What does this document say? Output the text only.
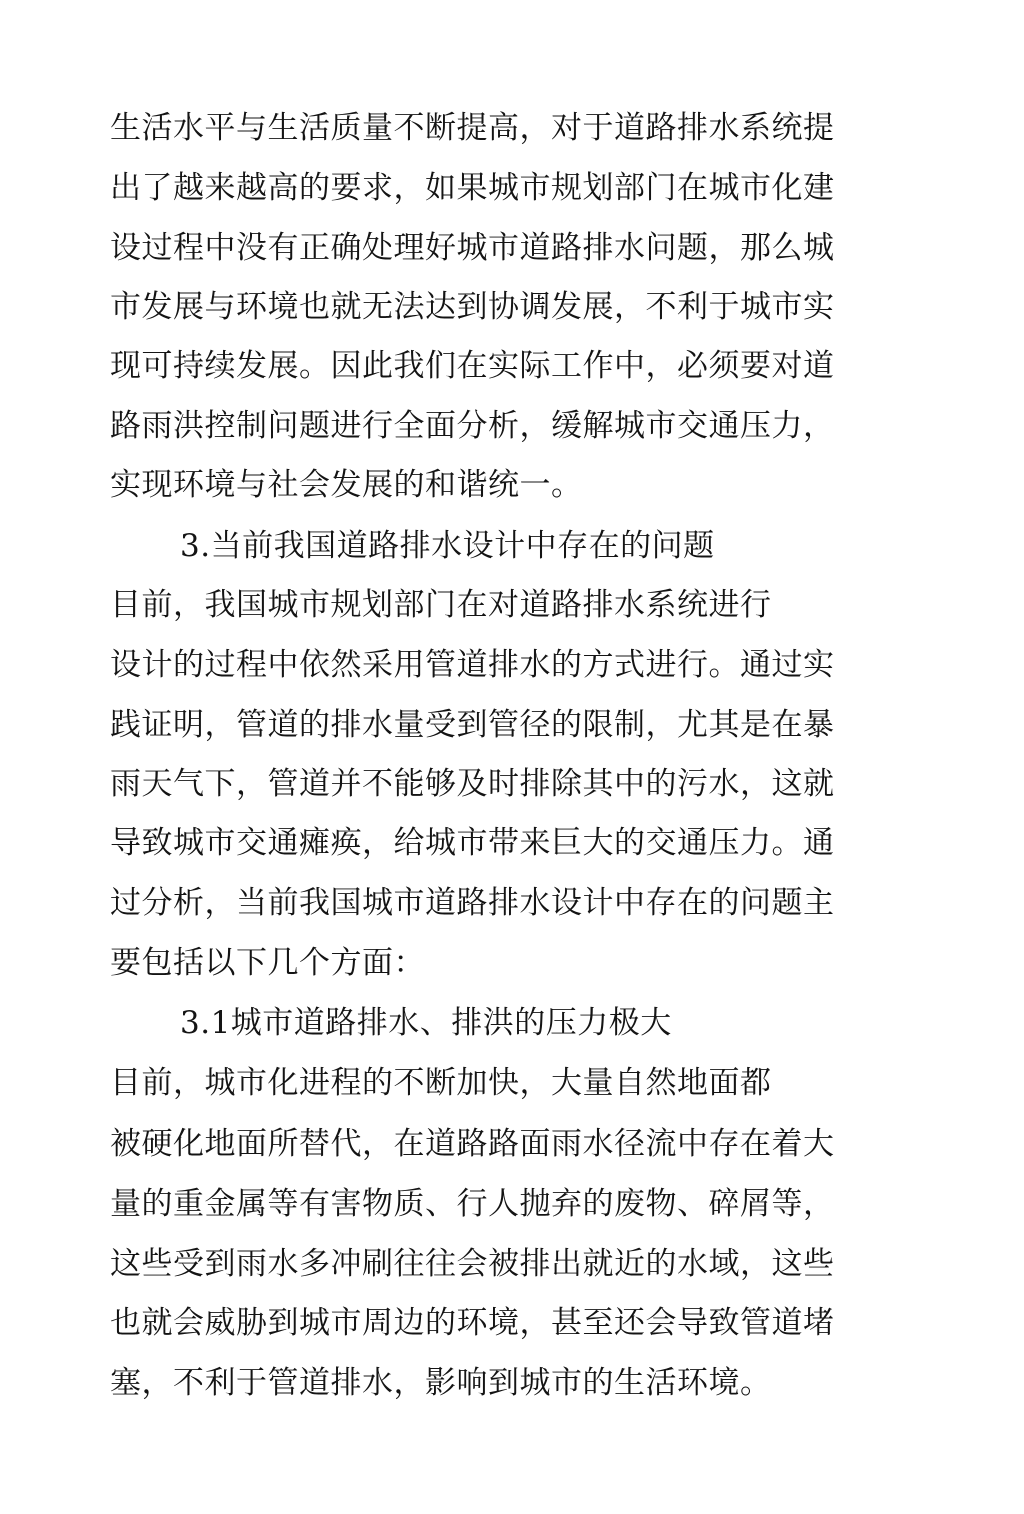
生活水平与生活质量不断提高，对于道路排水系统提
出了越来越高的要求，如果城市规划部门在城市化建
设过程中没有正确处理好城市道路排水问题，那么城
市发展与环境也就无法达到协调发展，不利于城市实
现可持续发展。因此我们在实际工作中，必须要对道
路雨洪控制问题进行全面分析，缓解城市交通压力，
实现环境与社会发展的和谐统一。
3.当前我国道路排水设计中存在的问题
目前，我国城市规划部门在对道路排水系统进行
设计的过程中依然采用管道排水的方式进行。通过实
践证明，管道的排水量受到管径的限制，尤其是在暴
雨天气下，管道并不能够及时排除其中的污水，这就
导致城市交通瘫痪，给城市带来巨大的交通压力。通
过分析，当前我国城市道路排水设计中存在的问题主
要包括以下几个方面：
3.1城市道路排水、排洪的压力极大
目前，城市化进程的不断加快，大量自然地面都
被硬化地面所替代，在道路路面雨水径流中存在着大
量的重金属等有害物质、行人抛弃的废物、碎屑等，
这些受到雨水多冲刷往往会被排出就近的水域，这些
也就会威胁到城市周边的环境，甚至还会导致管道堵
塞，不利于管道排水，影响到城市的生活环境。
